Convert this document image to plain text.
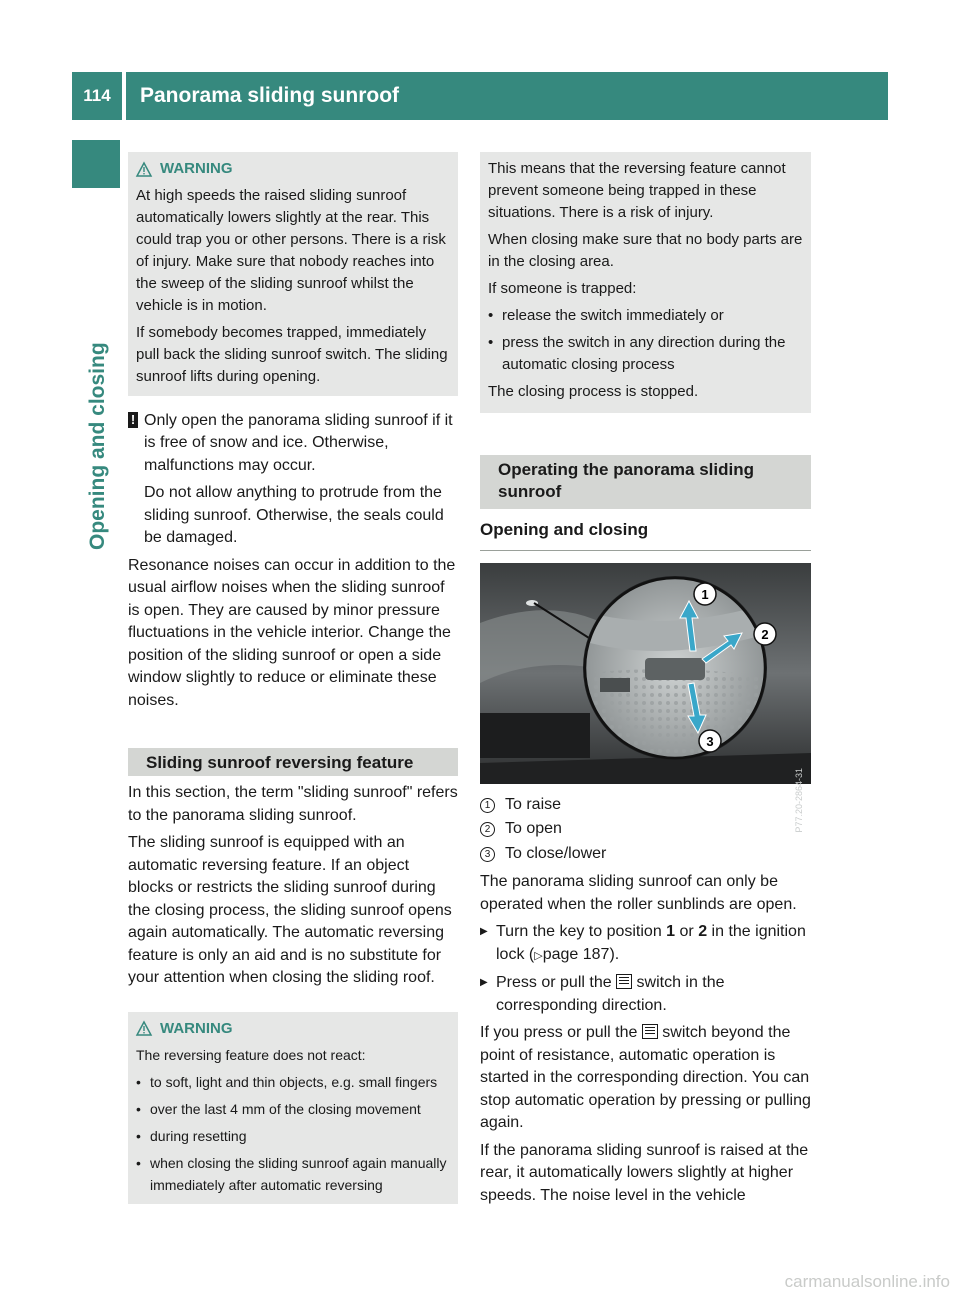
114	Panorama sliding sunroof
Opening and closing
WARNING

At high speeds the raised sliding sunroof automatically lowers slightly at the rear. This could trap you or other persons. There is a risk of injury. Make sure that nobody reaches into the sweep of the sliding sunroof whilst the vehicle is in motion.

If somebody becomes trapped, immediately pull back the sliding sunroof switch. The sliding sunroof lifts during opening.

! Only open the panorama sliding sunroof if it is free of snow and ice. Otherwise, malfunctions may occur.

Do not allow anything to protrude from the sliding sunroof. Otherwise, the seals could be damaged.

Resonance noises can occur in addition to the usual airflow noises when the sliding sunroof is open. They are caused by minor pressure fluctuations in the vehicle interior. Change the position of the sliding sunroof or open a side window slightly to reduce or eliminate these noises.

Sliding sunroof reversing feature

In this section, the term "sliding sunroof" refers to the panorama sliding sunroof.

The sliding sunroof is equipped with an automatic reversing feature. If an object blocks or restricts the sliding sunroof during the closing process, the sliding sunroof opens again automatically. The automatic reversing feature is only an aid and is no substitute for your attention when closing the sliding roof.

WARNING

The reversing feature does not react:

• to soft, light and thin objects, e.g. small fingers

• over the last 4 mm of the closing movement

• during resetting

• when closing the sliding sunroof again manually immediately after automatic reversing

This means that the reversing feature cannot prevent someone being trapped in these situations. There is a risk of injury.

When closing make sure that no body parts are in the closing area.

If someone is trapped:

• release the switch immediately or

• press the switch in any direction during the automatic closing process

The closing process is stopped.

Operating the panorama sliding sunroof

Opening and closing

1
2
3
P77.20-2864-31
1 To raise
2 To open
3 To close/lower

The panorama sliding sunroof can only be operated when the roller sunblinds are open.

▶ Turn the key to position 1 or 2 in the ignition lock (▷page 187).

▶ Press or pull the  switch in the corresponding direction.

If you press or pull the  switch beyond the point of resistance, automatic operation is started in the corresponding direction. You can stop automatic operation by pressing or pulling again.

If the panorama sliding sunroof is raised at the rear, it automatically lowers slightly at higher speeds. The noise level in the vehicle

carmanualsonline.info
